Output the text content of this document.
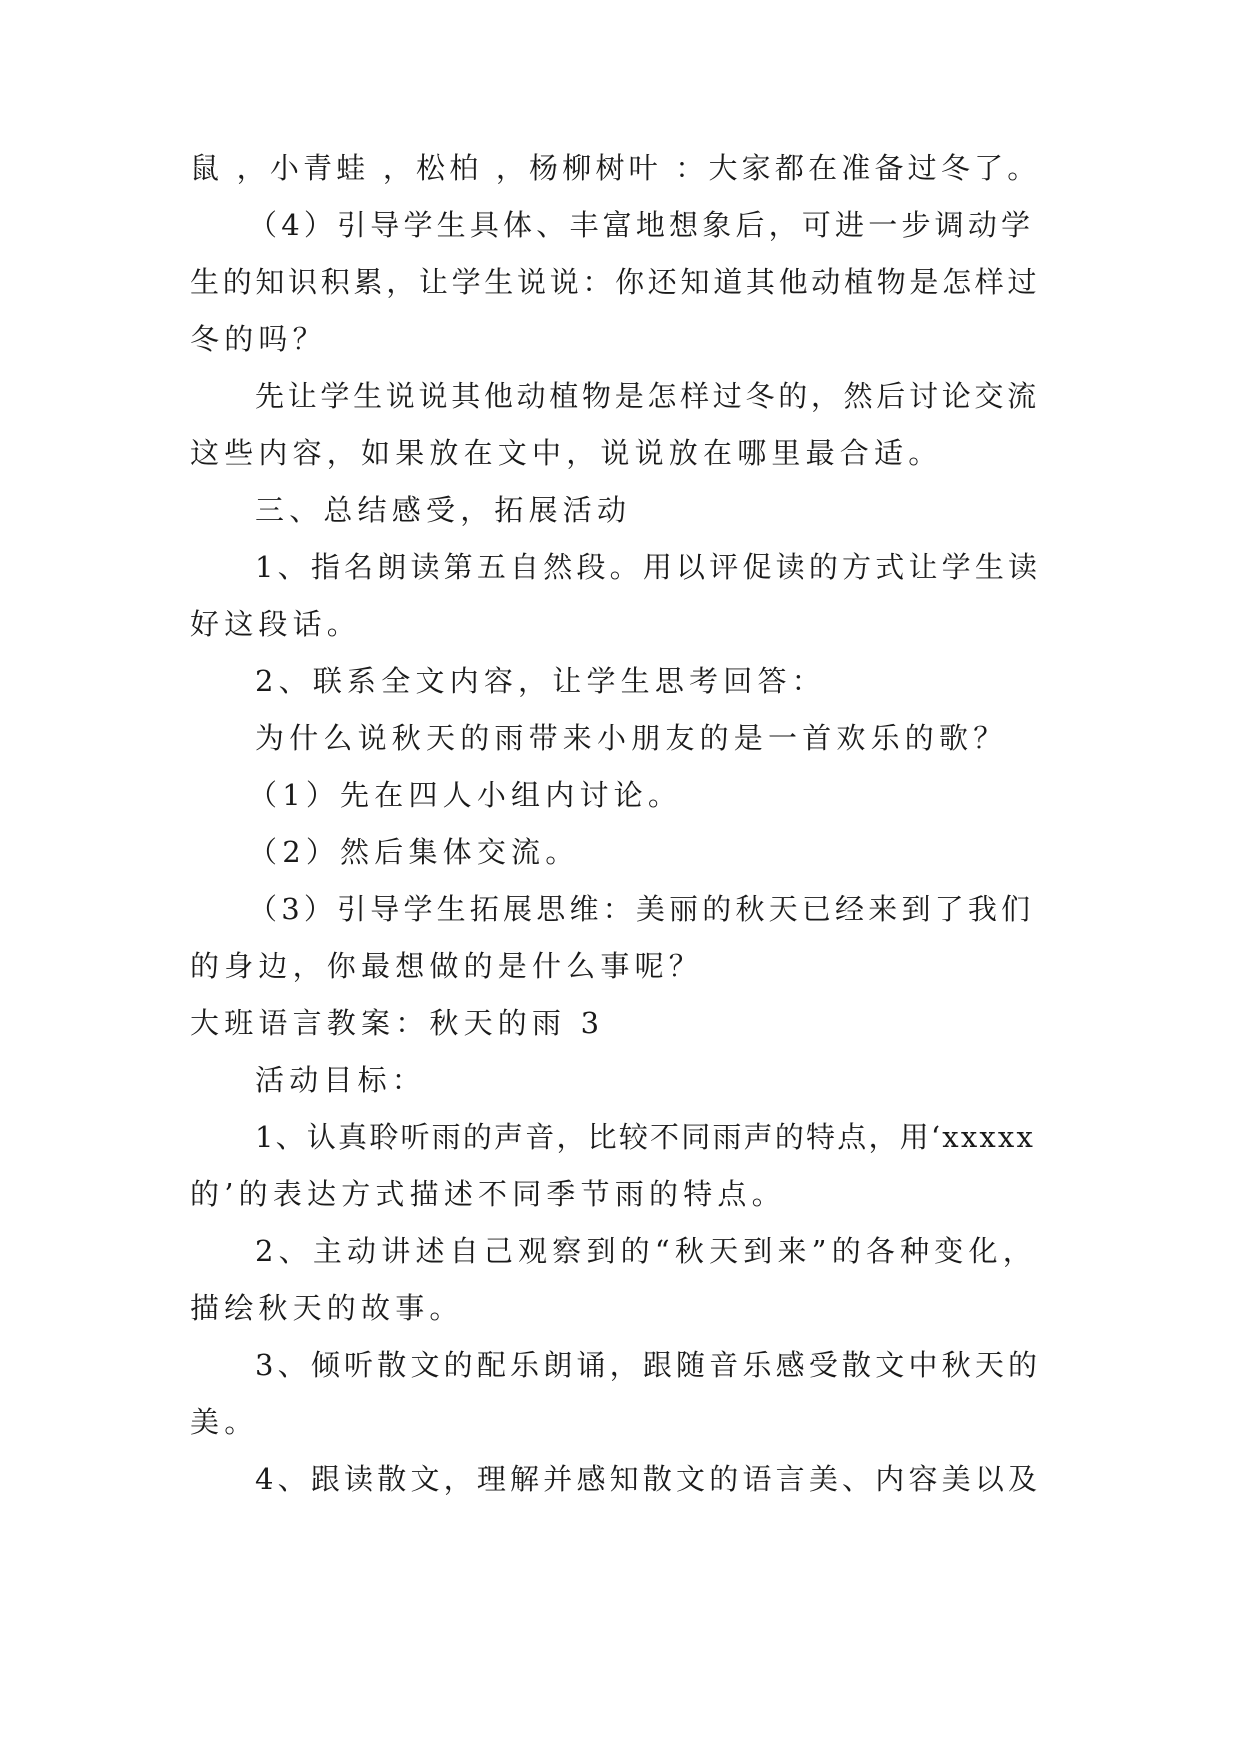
鼠 ，小青蛙 ，松柏 ，杨柳树叶 ：大家都在准备过冬了。
（4）引导学生具体、丰富地想象后，可进一步调动学
生的知识积累，让学生说说：你还知道其他动植物是怎样过
冬的吗？
先让学生说说其他动植物是怎样过冬的，然后讨论交流
这些内容，如果放在文中，说说放在哪里最合适。
三、总结感受，拓展活动
1、指名朗读第五自然段。用以评促读的方式让学生读
好这段话。
2、联系全文内容，让学生思考回答：
为什么说秋天的雨带来小朋友的是一首欢乐的歌？
（1）先在四人小组内讨论。
（2）然后集体交流。
（3）引导学生拓展思维：美丽的秋天已经来到了我们
的身边，你最想做的是什么事呢？
大班语言教案：秋天的雨 3
活动目标：
1、认真聆听雨的声音，比较不同雨声的特点，用‘xxxxx
的’的表达方式描述不同季节雨的特点。
2、主动讲述自己观察到的“秋天到来”的各种变化，
描绘秋天的故事。
3、倾听散文的配乐朗诵，跟随音乐感受散文中秋天的
美。
4、跟读散文，理解并感知散文的语言美、内容美以及
